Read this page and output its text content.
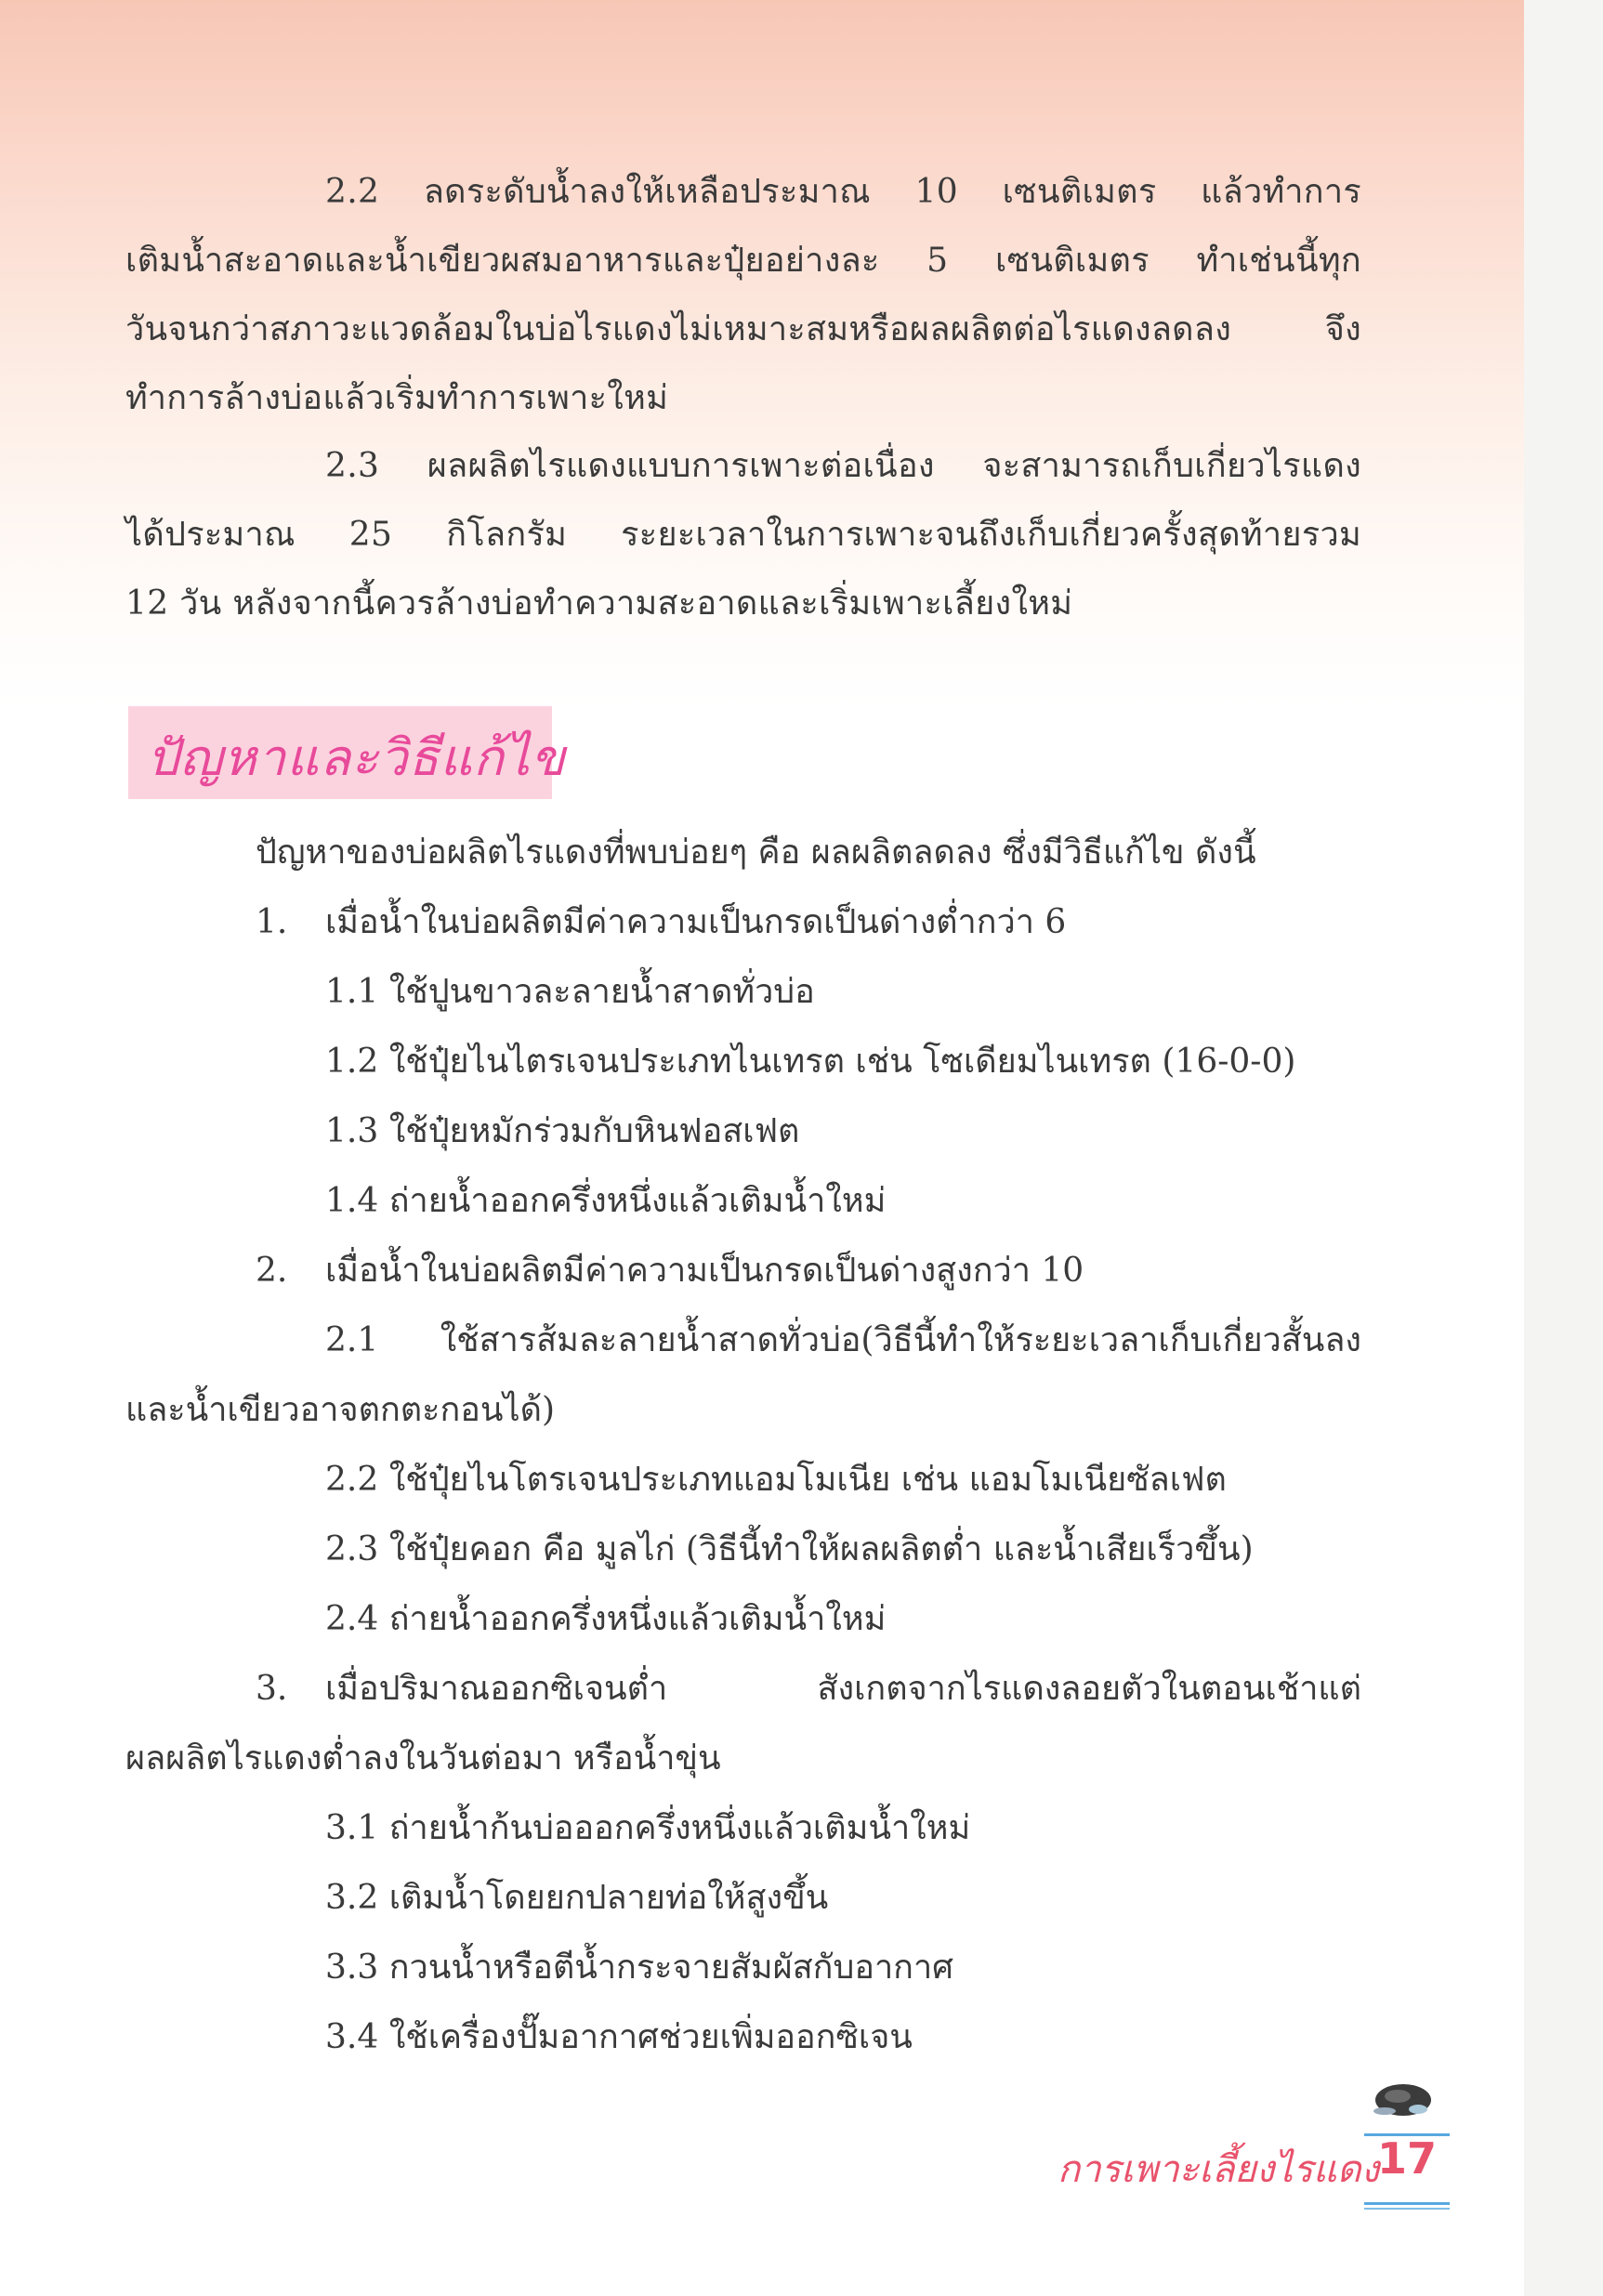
2.2 ลดระดับน้ำลงให้เหลือประมาณ 10 เซนติเมตร แล้วทำการ
เติมน้ำสะอาดและน้ำเขียวผสมอาหารและปุ๋ยอย่างละ 5 เซนติเมตร ทำเช่นนี้ทุก
วันจนกว่าสภาวะแวดล้อมในบ่อไรแดงไม่เหมาะสมหรือผลผลิตต่อไรแดงลดลง จึง
ทำการล้างบ่อแล้วเริ่มทำการเพาะใหม่
2.3 ผลผลิตไรแดงแบบการเพาะต่อเนื่อง จะสามารถเก็บเกี่ยวไรแดง
ได้ประมาณ 25 กิโลกรัม ระยะเวลาในการเพาะจนถึงเก็บเกี่ยวครั้งสุดท้ายรวม
12 วัน หลังจากนี้ควรล้างบ่อทำความสะอาดและเริ่มเพาะเลี้ยงใหม่
ปัญหาและวิธีแก้ไข
ปัญหาของบ่อผลิตไรแดงที่พบบ่อยๆ คือ ผลผลิตลดลง ซึ่งมีวิธีแก้ไข ดังนี้
1. เมื่อน้ำในบ่อผลิตมีค่าความเป็นกรดเป็นด่างต่ำกว่า 6
1.1 ใช้ปูนขาวละลายน้ำสาดทั่วบ่อ
1.2 ใช้ปุ๋ยไนไตรเจนประเภทไนเทรต เช่น โซเดียมไนเทรต (16-0-0)
1.3 ใช้ปุ๋ยหมักร่วมกับหินฟอสเฟต
1.4 ถ่ายน้ำออกครึ่งหนึ่งแล้วเติมน้ำใหม่
2. เมื่อน้ำในบ่อผลิตมีค่าความเป็นกรดเป็นด่างสูงกว่า 10
2.1 ใช้สารส้มละลายน้ำสาดทั่วบ่อ(วิธีนี้ทำให้ระยะเวลาเก็บเกี่ยวสั้นลง
และน้ำเขียวอาจตกตะกอนได้)
2.2 ใช้ปุ๋ยไนโตรเจนประเภทแอมโมเนีย เช่น แอมโมเนียซัลเฟต
2.3 ใช้ปุ๋ยคอก คือ มูลไก่ (วิธีนี้ทำให้ผลผลิตต่ำ และน้ำเสียเร็วขึ้น)
2.4 ถ่ายน้ำออกครึ่งหนึ่งแล้วเติมน้ำใหม่
3. เมื่อปริมาณออกซิเจนต่ำ สังเกตจากไรแดงลอยตัวในตอนเช้าแต่
ผลผลิตไรแดงต่ำลงในวันต่อมา หรือน้ำขุ่น
3.1 ถ่ายน้ำก้นบ่อออกครึ่งหนึ่งแล้วเติมน้ำใหม่
3.2 เติมน้ำโดยยกปลายท่อให้สูงขึ้น
3.3 กวนน้ำหรือตีน้ำกระจายสัมผัสกับอากาศ
3.4 ใช้เครื่องปั๊มอากาศช่วยเพิ่มออกซิเจน
การเพาะเลี้ยงไรแดง
17
